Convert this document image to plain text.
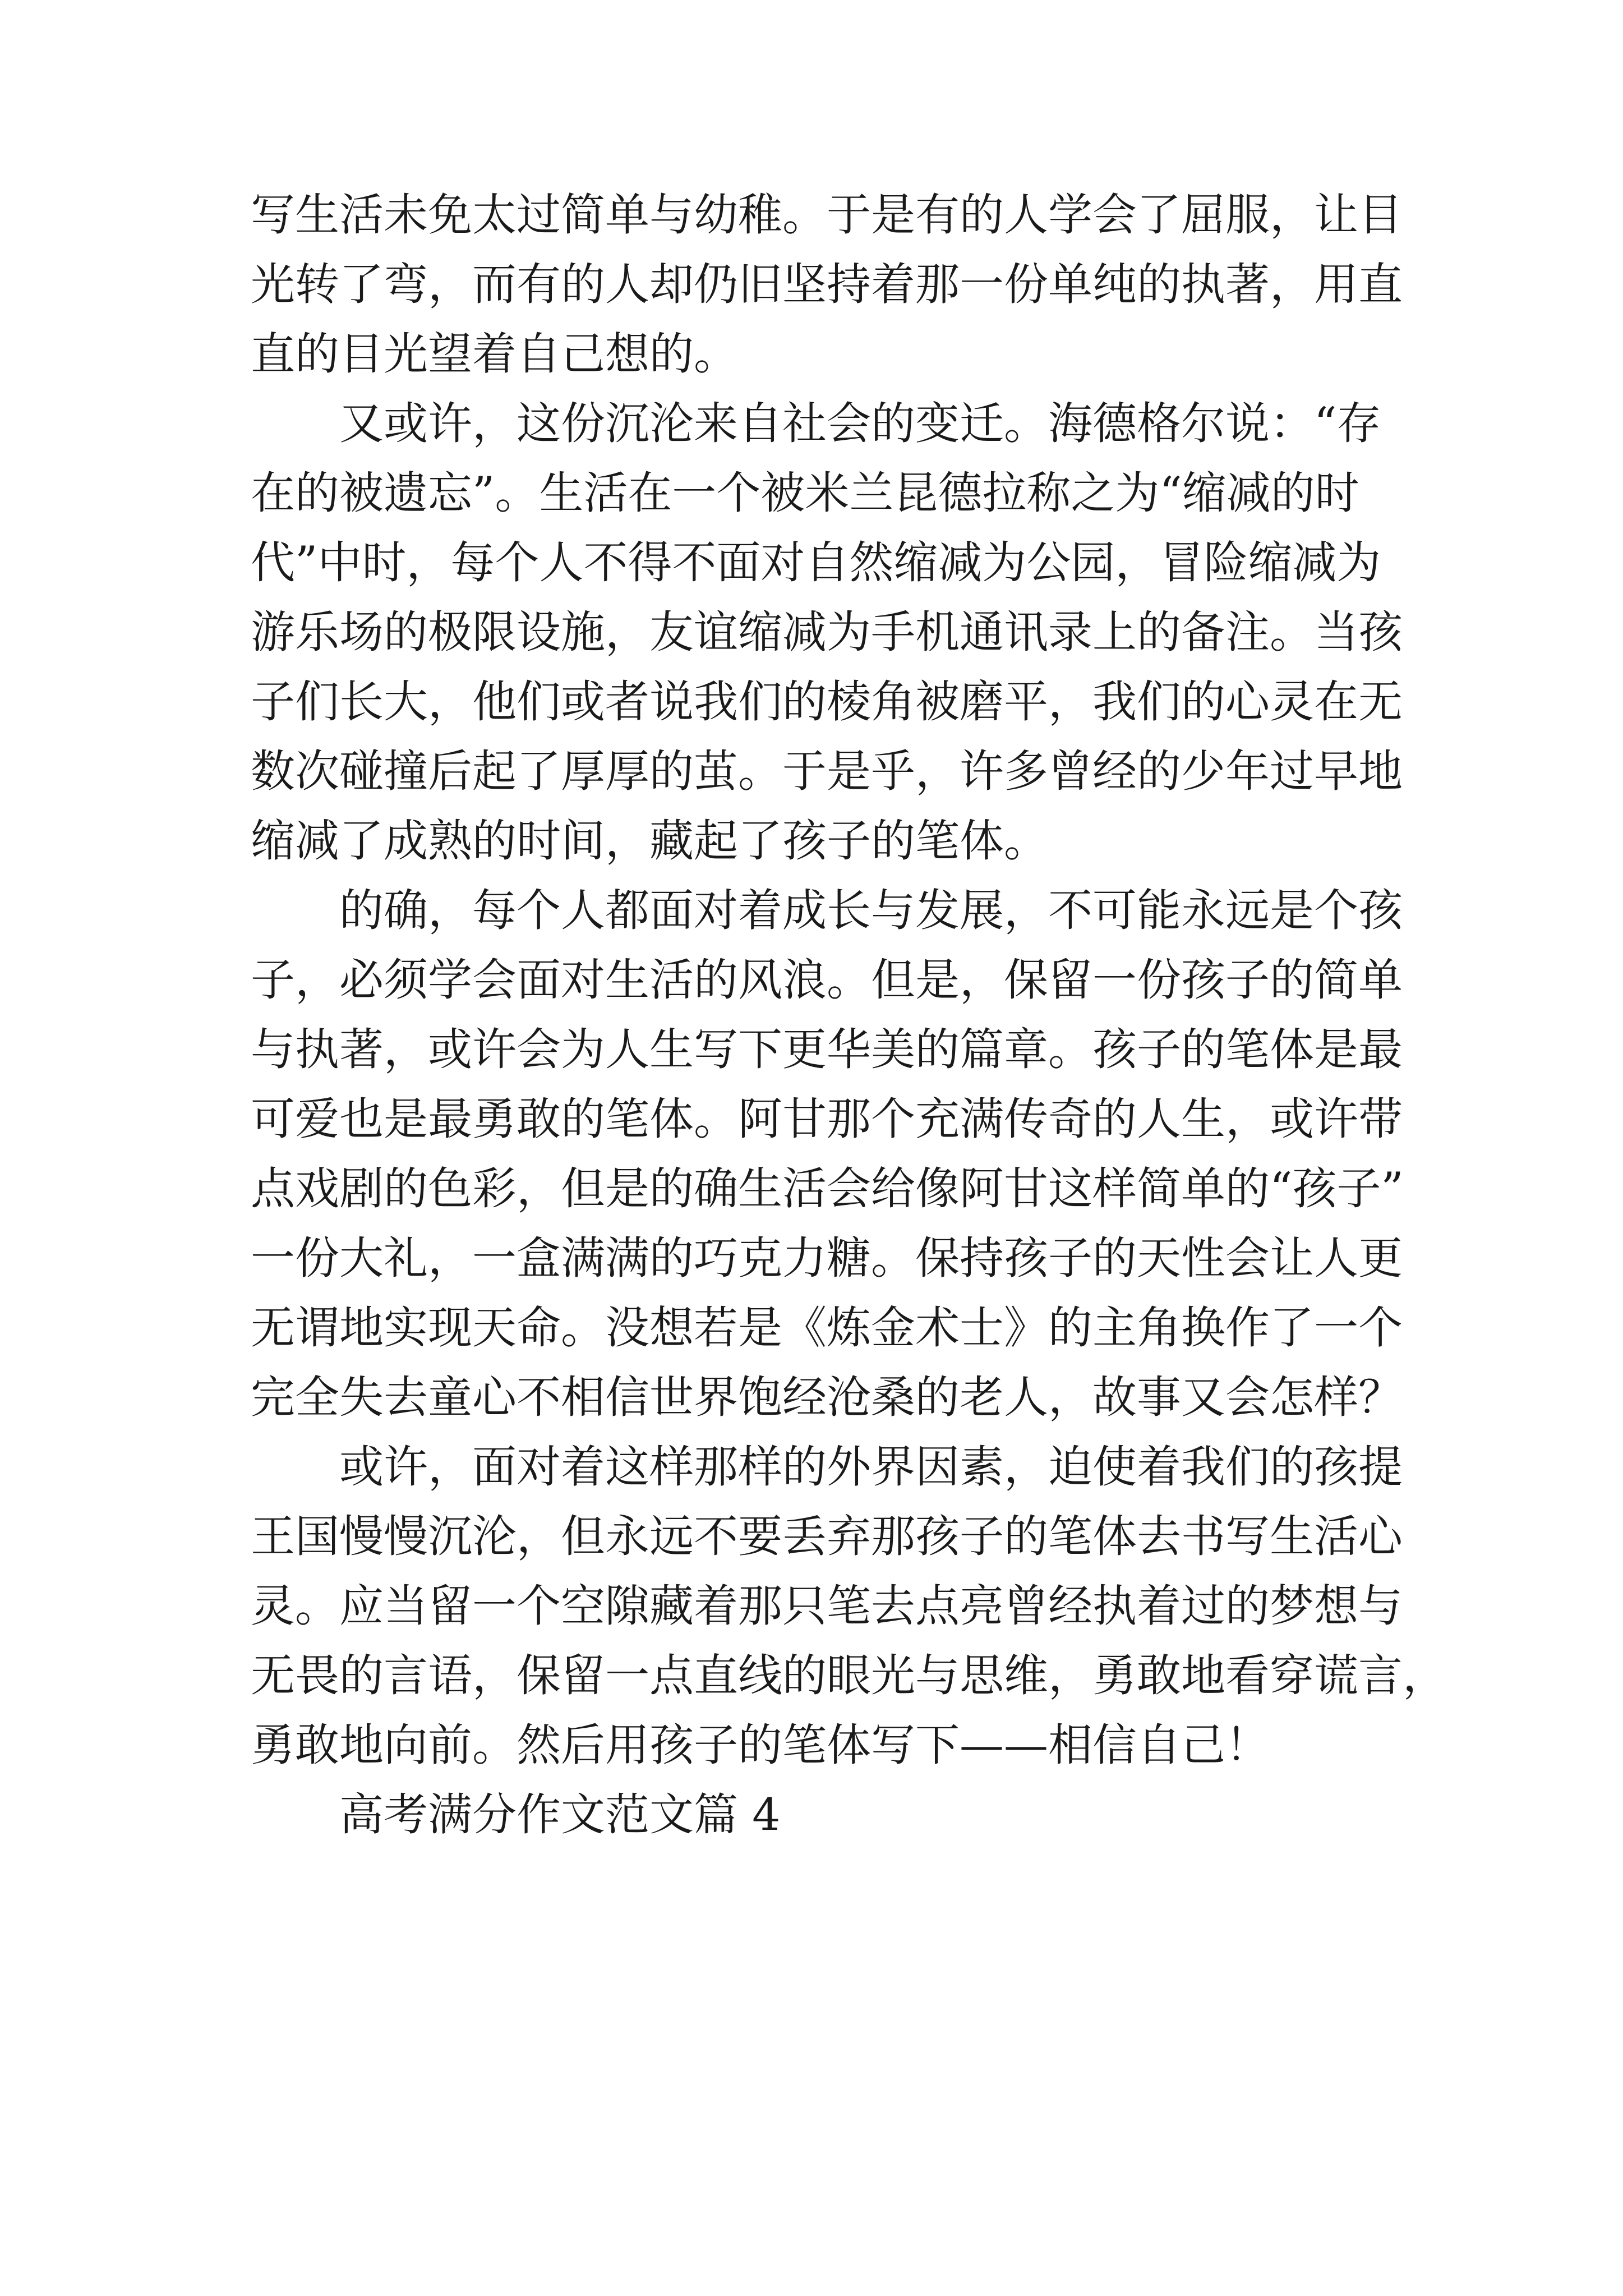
写生活未免太过简单与幼稚。于是有的人学会了屈服，让目
光转了弯，而有的人却仍旧坚持着那一份单纯的执著，用直
直的目光望着自己想的。
又或许，这份沉沦来自社会的变迁。海德格尔说：“存
在的被遗忘”。生活在一个被米兰昆德拉称之为“缩减的时
代”中时，每个人不得不面对自然缩减为公园，冒险缩减为
游乐场的极限设施，友谊缩减为手机通讯录上的备注。当孩
子们长大，他们或者说我们的棱角被磨平，我们的心灵在无
数次碰撞后起了厚厚的茧。于是乎，许多曾经的少年过早地
缩减了成熟的时间，藏起了孩子的笔体。
的确，每个人都面对着成长与发展，不可能永远是个孩
子，必须学会面对生活的风浪。但是，保留一份孩子的简单
与执著，或许会为人生写下更华美的篇章。孩子的笔体是最
可爱也是最勇敢的笔体。阿甘那个充满传奇的人生，或许带
点戏剧的色彩，但是的确生活会给像阿甘这样简单的“孩子”
一份大礼，一盒满满的巧克力糖。保持孩子的天性会让人更
无谓地实现天命。没想若是《炼金术士》的主角换作了一个
完全失去童心不相信世界饱经沧桑的老人，故事又会怎样？
或许，面对着这样那样的外界因素，迫使着我们的孩提
王国慢慢沉沦，但永远不要丢弃那孩子的笔体去书写生活心
灵。应当留一个空隙藏着那只笔去点亮曾经执着过的梦想与
无畏的言语，保留一点直线的眼光与思维，勇敢地看穿谎言，
勇敢地向前。然后用孩子的笔体写下——相信自己！
高考满分作文范文篇 4
